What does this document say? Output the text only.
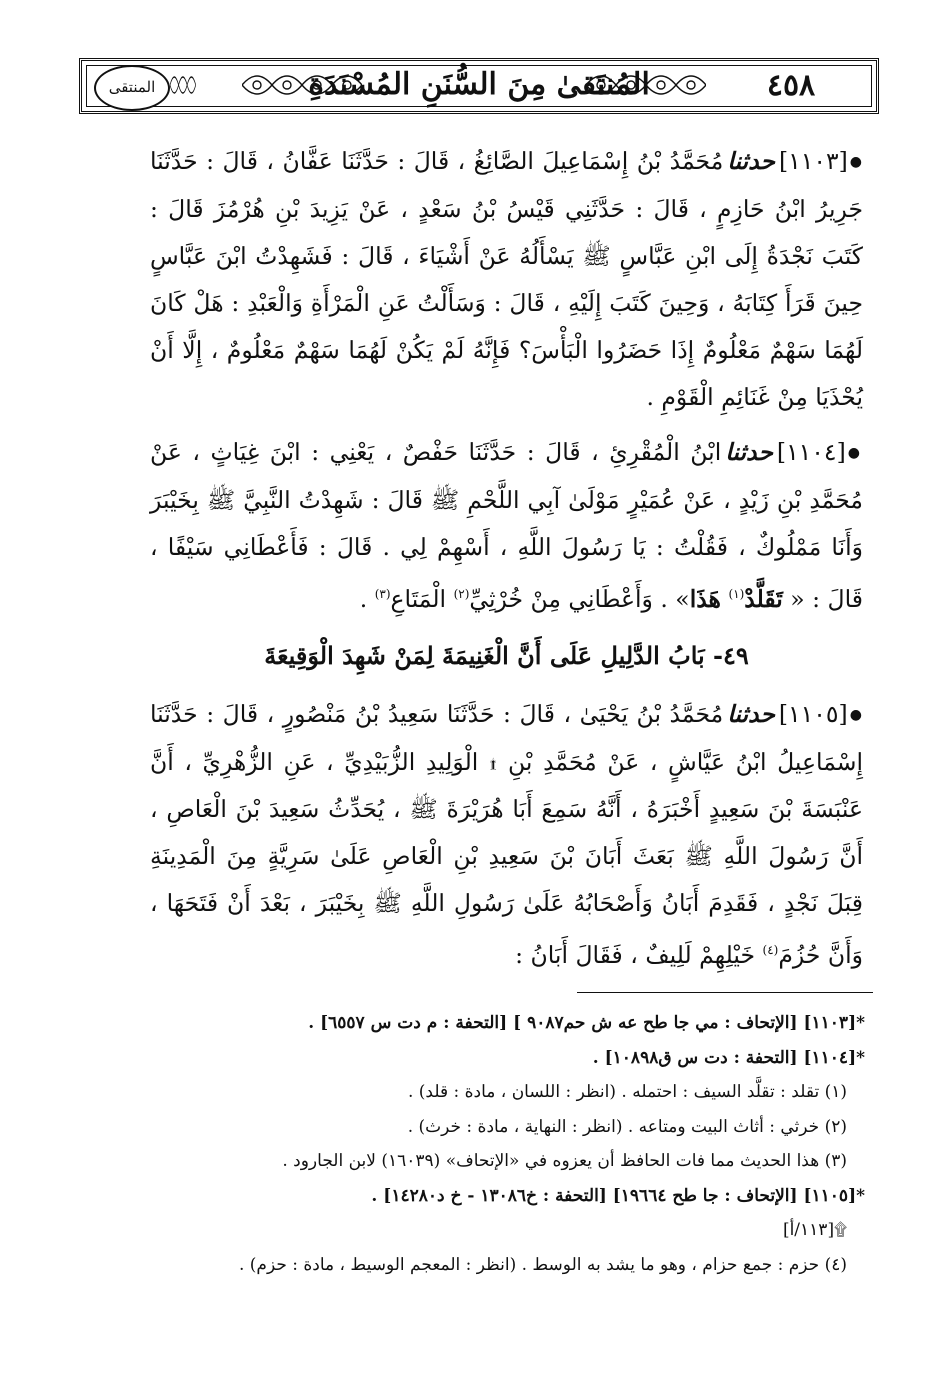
المنتقى	المُنتَقىٰ مِنَ السُّنَنِ المُسْنَدَةِ	٤٥٨

●[١١٠٣]حدثنامُحَمَّدُ بْنُ إِسْمَاعِيلَ الصَّائِغُ ، قَالَ : حَدَّثَنَا عَفَّانُ ، قَالَ : حَدَّثَنَا جَرِيرُ ابْنُ حَازِمٍ ، قَالَ : حَدَّثَنِي قَيْسُ بْنُ سَعْدٍ ، عَنْ يَزِيدَ بْنِ هُرْمُزَ قَالَ : كَتَبَ نَجْدَةُ إِلَى ابْنِ عَبَّاسٍ ﷺ يَسْأَلُهُ عَنْ أَشْيَاءَ ، قَالَ : فَشَهِدْتُ ابْنَ عَبَّاسٍ حِينَ قَرَأَ كِتَابَهُ ، وَحِينَ كَتَبَ إِلَيْهِ ، قَالَ : وَسَأَلْتُ عَنِ الْمَرْأَةِ وَالْعَبْدِ : هَلْ كَانَ لَهُمَا سَهْمٌ مَعْلُومٌ إِذَا حَضَرُوا الْبَأْسَ؟ فَإِنَّهُ لَمْ يَكُنْ لَهُمَا سَهْمٌ مَعْلُومٌ ، إِلَّا أَنْ يُحْذَيَا مِنْ غَنَائِمِ الْقَوْمِ .

●[١١٠٤]حدثناابْنُ الْمُقْرِئِ ، قَالَ : حَدَّثَنَا حَفْصٌ ، يَعْنِي : ابْنَ غِيَاثٍ ، عَنْ مُحَمَّدِ بْنِ زَيْدٍ ، عَنْ عُمَيْرٍ مَوْلَىٰ آبِي اللَّحْمِ ﷺ قَالَ : شَهِدْتُ النَّبِيَّ ﷺ بِخَيْبَرَ وَأَنَا مَمْلُوكٌ ، فَقُلْتُ : يَا رَسُولَ اللَّهِ ، أَسْهِمْ لِي . قَالَ : فَأَعْطَانِي سَيْفًا ، قَالَ : « تَقَلَّدْ$^{(١)}$ هَذَا» . وَأَعْطَانِي مِنْ خُرْثِيِّ$^{(٢)}$ الْمَتَاعِ$^{(٣)}$ .

٤٩- بَابُ الدَّلِيلِ عَلَى أَنَّ الْغَنِيمَةَ لِمَنْ شَهِدَ الْوَقِيعَةَ

●[١١٠٥]حدثنامُحَمَّدُ بْنُ يَحْيَىٰ ، قَالَ : حَدَّثَنَا سَعِيدُ بْنُ مَنْصُورٍ ، قَالَ : حَدَّثَنَا إِسْمَاعِيلُ ابْنُ عَيَّاشٍ ، عَنْ مُحَمَّدِ بْنِ ۩ الْوَلِيدِ الزُّبَيْدِيِّ ، عَنِ الزُّهْرِيِّ ، أَنَّ عَنْبَسَةَ بْنَ سَعِيدٍ أَخْبَرَهُ ، أَنَّهُ سَمِعَ أَبَا هُرَيْرَةَ ﷺ ، يُحَدِّثُ سَعِيدَ بْنَ الْعَاصِ ، أَنَّ رَسُولَ اللَّهِ ﷺ بَعَثَ أَبَانَ بْنَ سَعِيدِ بْنِ الْعَاصِ عَلَىٰ سَرِيَّةٍ مِنَ الْمَدِينَةِ قِبَلَ نَجْدٍ ، فَقَدِمَ أَبَانُ وَأَصْحَابُهُ عَلَىٰ رَسُولِ اللَّهِ ﷺ بِخَيْبَرَ ، بَعْدَ أَنْ فَتَحَهَا ، وَأَنَّ حُزُمَ$^{(٤)}$ خَيْلِهِمْ لَلِيفٌ ، فَقَالَ أَبَانُ :

*[١١٠٣] [الإتحاف : مي جا طح عه ش حم٩٠٨٧ ] [التحفة : م دت س ٦٥٥٧] .

*[١١٠٤] [التحفة : دت س ق١٠٨٩٨] .

(١) تقلد : تقلَّد السيف : احتمله . (انظر : اللسان ، مادة : قلد) .

(٢) خرثي : أثاث البيت ومتاعه . (انظر : النهاية ، مادة : خرث) .

(٣) هذا الحديث مما فات الحافظ أن يعزوه في «الإتحاف» (١٦٠٣٩) لابن الجارود .

*[١١٠٥] [الإتحاف : جا طح ١٩٦٦٤] [التحفة : خ١٣٠٨٦ - خ د١٤٢٨٠] .

۩[١١٣/أ]

(٤) حزم : جمع حزام ، وهو ما يشد به الوسط . (انظر : المعجم الوسيط ، مادة : حزم) .
